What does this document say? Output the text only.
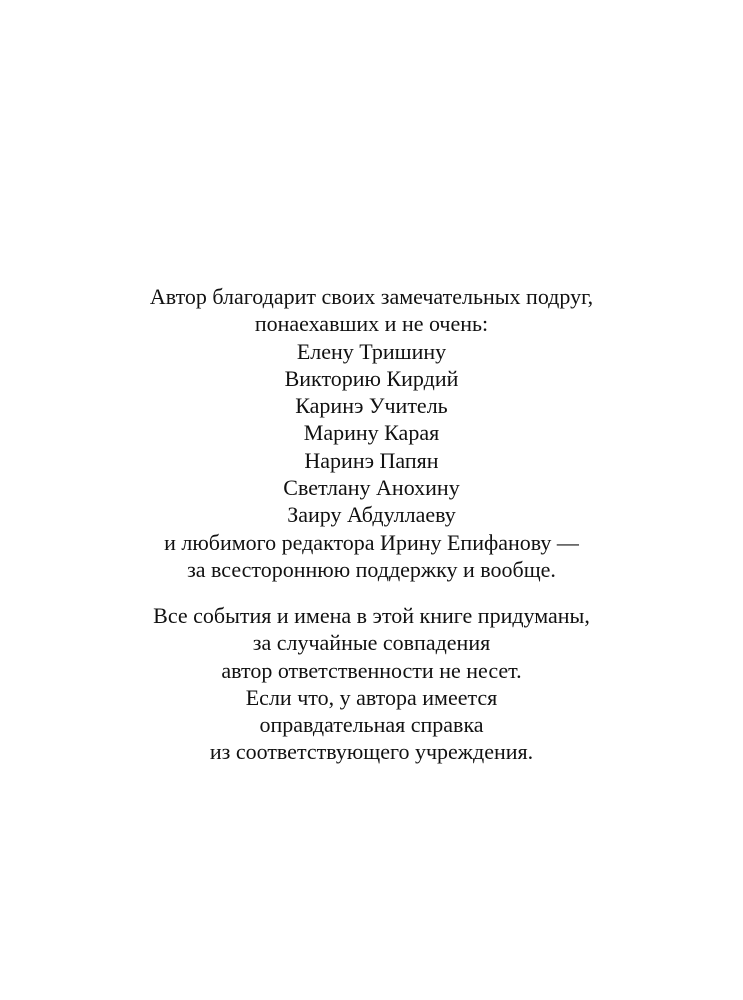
Автор благодарит своих замечательных подруг,
понаехавших и не очень:
Елену Тришину
Викторию Кирдий
Каринэ Учитель
Марину Карая
Наринэ Папян
Светлану Анохину
Заиру Абдуллаеву
и любимого редактора Ирину Епифанову —
за всестороннюю поддержку и вообще.
Все события и имена в этой книге придуманы,
за случайные совпадения
автор ответственности не несет.
Если что, у автора имеется
оправдательная справка
из соответствующего учреждения.
